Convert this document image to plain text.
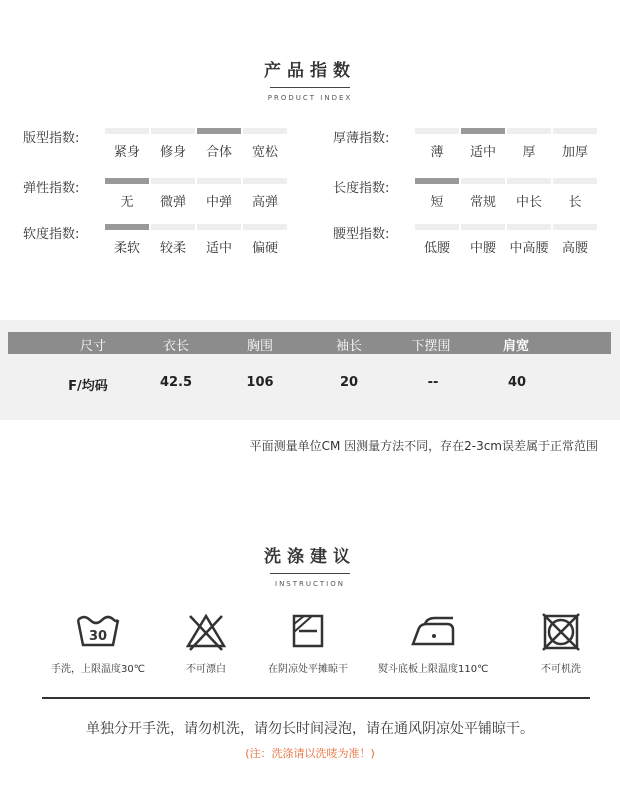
产品指数
PRODUCT INDEX
版型指数:
紧身	修身	合体	宽松
厚薄指数:
薄	适中	厚	加厚
弹性指数:
无	微弹	中弹	高弹
长度指数:
短	常规	中长	长
软度指数:
柔软	较柔	适中	偏硬
腰型指数:
低腰	中腰	中高腰	高腰
尺寸	衣长	胸围	袖长	下摆围	肩宽
F/均码	42.5	106	20	--	40
平面测量单位CM 因测量方法不同，存在2-3cm误差属于正常范围
洗涤建议
INSTRUCTION
30
手洗，上限温度30℃	不可漂白	在阴凉处平摊晾干	熨斗底板上限温度110℃	不可机洗
单独分开手洗，请勿机洗，请勿长时间浸泡，请在通风阴凉处平铺晾干。
(注：洗涤请以洗唛为准！)
